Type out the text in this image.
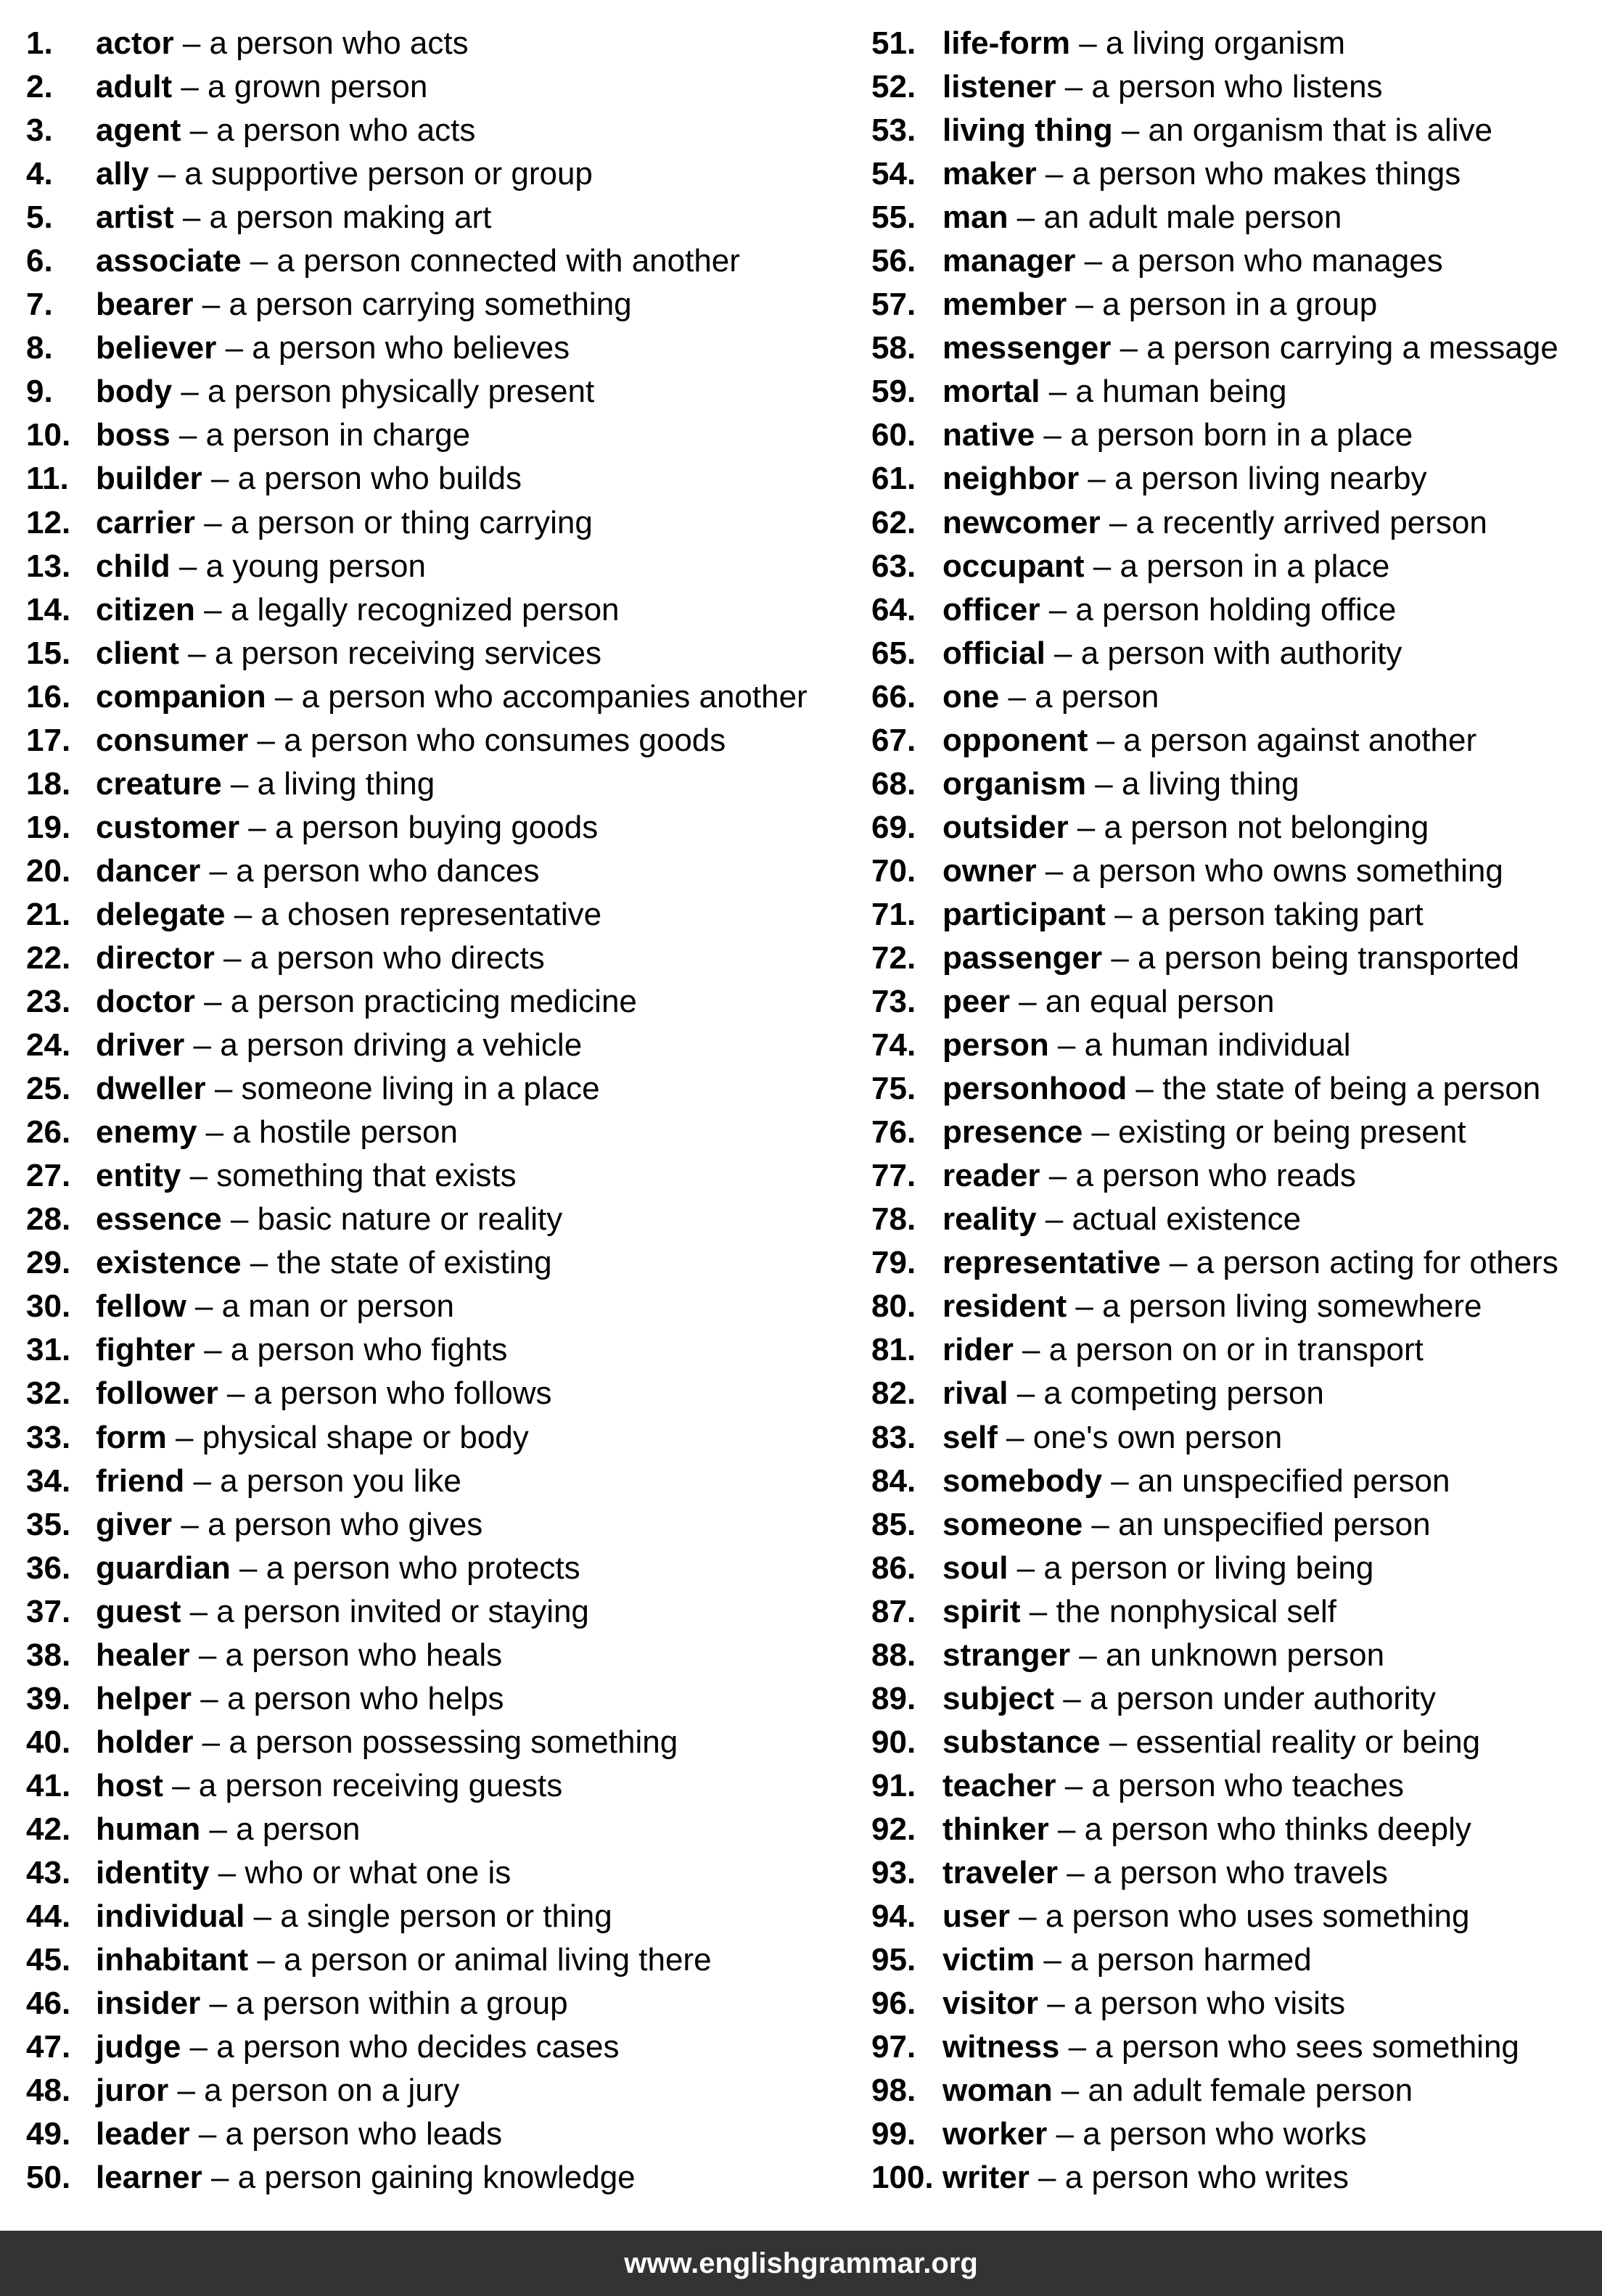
1. actor – a person who acts
2. adult – a grown person
3. agent – a person who acts
4. ally – a supportive person or group
5. artist – a person making art
6. associate – a person connected with another
7. bearer – a person carrying something
8. believer – a person who believes
9. body – a person physically present
10. boss – a person in charge
11. builder – a person who builds
12. carrier – a person or thing carrying
13. child – a young person
14. citizen – a legally recognized person
15. client – a person receiving services
16. companion – a person who accompanies another
17. consumer – a person who consumes goods
18. creature – a living thing
19. customer – a person buying goods
20. dancer – a person who dances
21. delegate – a chosen representative
22. director – a person who directs
23. doctor – a person practicing medicine
24. driver – a person driving a vehicle
25. dweller – someone living in a place
26. enemy – a hostile person
27. entity – something that exists
28. essence – basic nature or reality
29. existence – the state of existing
30. fellow – a man or person
31. fighter – a person who fights
32. follower – a person who follows
33. form – physical shape or body
34. friend – a person you like
35. giver – a person who gives
36. guardian – a person who protects
37. guest – a person invited or staying
38. healer – a person who heals
39. helper – a person who helps
40. holder – a person possessing something
41. host – a person receiving guests
42. human – a person
43. identity – who or what one is
44. individual – a single person or thing
45. inhabitant – a person or animal living there
46. insider – a person within a group
47. judge – a person who decides cases
48. juror – a person on a jury
49. leader – a person who leads
50. learner – a person gaining knowledge
51. life-form – a living organism
52. listener – a person who listens
53. living thing – an organism that is alive
54. maker – a person who makes things
55. man – an adult male person
56. manager – a person who manages
57. member – a person in a group
58. messenger – a person carrying a message
59. mortal – a human being
60. native – a person born in a place
61. neighbor – a person living nearby
62. newcomer – a recently arrived person
63. occupant – a person in a place
64. officer – a person holding office
65. official – a person with authority
66. one – a person
67. opponent – a person against another
68. organism – a living thing
69. outsider – a person not belonging
70. owner – a person who owns something
71. participant – a person taking part
72. passenger – a person being transported
73. peer – an equal person
74. person – a human individual
75. personhood – the state of being a person
76. presence – existing or being present
77. reader – a person who reads
78. reality – actual existence
79. representative – a person acting for others
80. resident – a person living somewhere
81. rider – a person on or in transport
82. rival – a competing person
83. self – one's own person
84. somebody – an unspecified person
85. someone – an unspecified person
86. soul – a person or living being
87. spirit – the nonphysical self
88. stranger – an unknown person
89. subject – a person under authority
90. substance – essential reality or being
91. teacher – a person who teaches
92. thinker – a person who thinks deeply
93. traveler – a person who travels
94. user – a person who uses something
95. victim – a person harmed
96. visitor – a person who visits
97. witness – a person who sees something
98. woman – an adult female person
99. worker – a person who works
100. writer – a person who writes
www.englishgrammar.org
